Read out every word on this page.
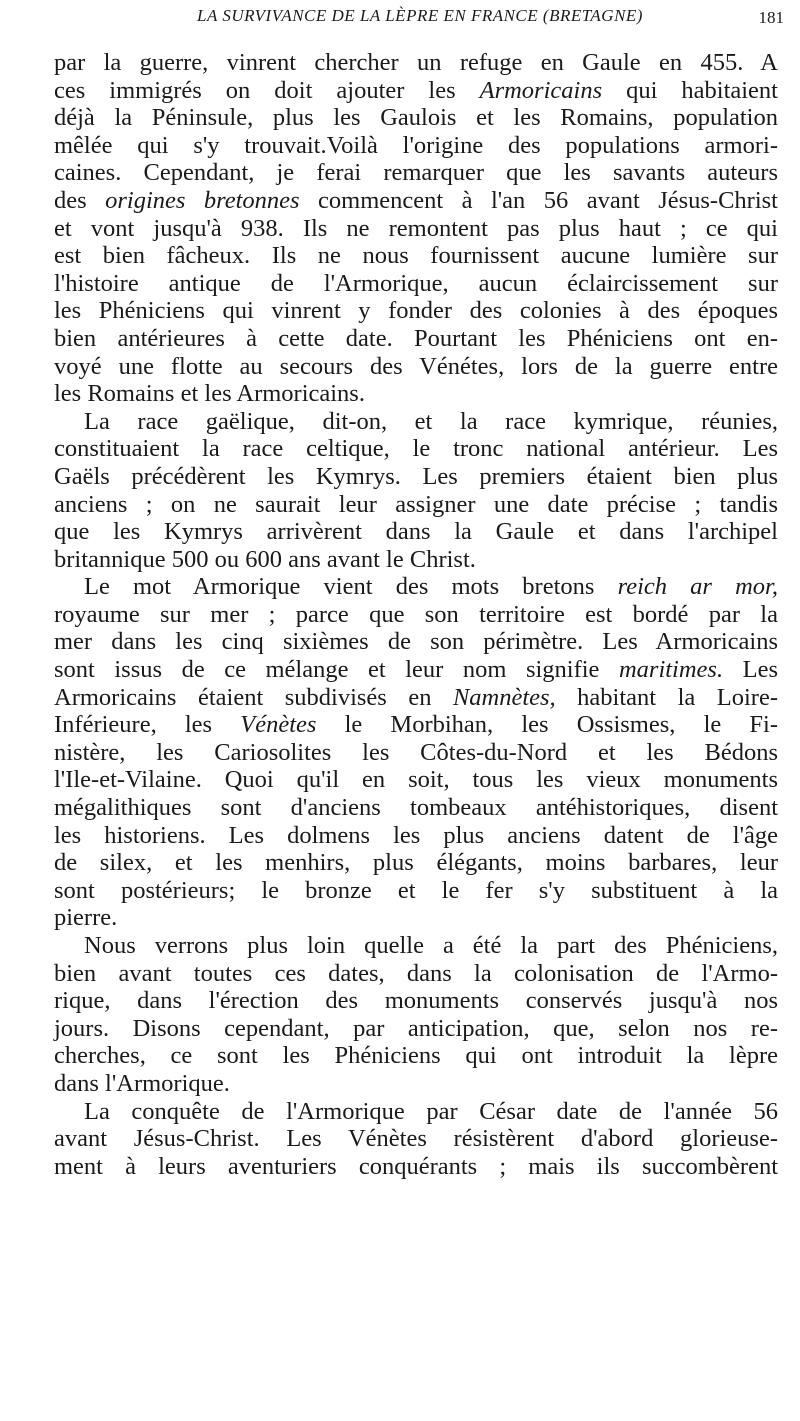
LA SURVIVANCE DE LA LÈPRE EN FRANCE (BRETAGNE)	181
par la guerre, vinrent chercher un refuge en Gaule en 455. A
ces immigrés on doit ajouter les Armoricains qui habitaient
déjà la Péninsule, plus les Gaulois et les Romains, population
mêlée qui s'y trouvait.Voilà l'origine des populations armori-
caines. Cependant, je ferai remarquer que les savants auteurs
des origines bretonnes commencent à l'an 56 avant Jésus-Christ
et vont jusqu'à 938. Ils ne remontent pas plus haut ; ce qui
est bien fâcheux. Ils ne nous fournissent aucune lumière sur
l'histoire antique de l'Armorique, aucun éclaircissement sur
les Phéniciens qui vinrent y fonder des colonies à des époques
bien antérieures à cette date. Pourtant les Phéniciens ont en-
voyé une flotte au secours des Vénétes, lors de la guerre entre
les Romains et les Armoricains.
La race gaëlique, dit-on, et la race kymrique, réunies,
constituaient la race celtique, le tronc national antérieur. Les
Gaëls précédèrent les Kymrys. Les premiers étaient bien plus
anciens ; on ne saurait leur assigner une date précise ; tandis
que les Kymrys arrivèrent dans la Gaule et dans l'archipel
britannique 500 ou 600 ans avant le Christ.
Le mot Armorique vient des mots bretons reich ar mor,
royaume sur mer ; parce que son territoire est bordé par la
mer dans les cinq sixièmes de son périmètre. Les Armoricains
sont issus de ce mélange et leur nom signifie maritimes. Les
Armoricains étaient subdivisés en Namnètes, habitant la Loire-
Inférieure, les Vénètes le Morbihan, les Ossismes, le Fi-
nistère, les Cariosolites les Côtes-du-Nord et les Bédons
l'Ile-et-Vilaine. Quoi qu'il en soit, tous les vieux monuments
mégalithiques sont d'anciens tombeaux antéhistoriques, disent
les historiens. Les dolmens les plus anciens datent de l'âge
de silex, et les menhirs, plus élégants, moins barbares, leur
sont postérieurs; le bronze et le fer s'y substituent à la
pierre.
Nous verrons plus loin quelle a été la part des Phéniciens,
bien avant toutes ces dates, dans la colonisation de l'Armo-
rique, dans l'érection des monuments conservés jusqu'à nos
jours. Disons cependant, par anticipation, que, selon nos re-
cherches, ce sont les Phéniciens qui ont introduit la lèpre
dans l'Armorique.
La conquête de l'Armorique par César date de l'année 56
avant Jésus-Christ. Les Vénètes résistèrent d'abord glorieuse-
ment à leurs aventuriers conquérants ; mais ils succombèrent
